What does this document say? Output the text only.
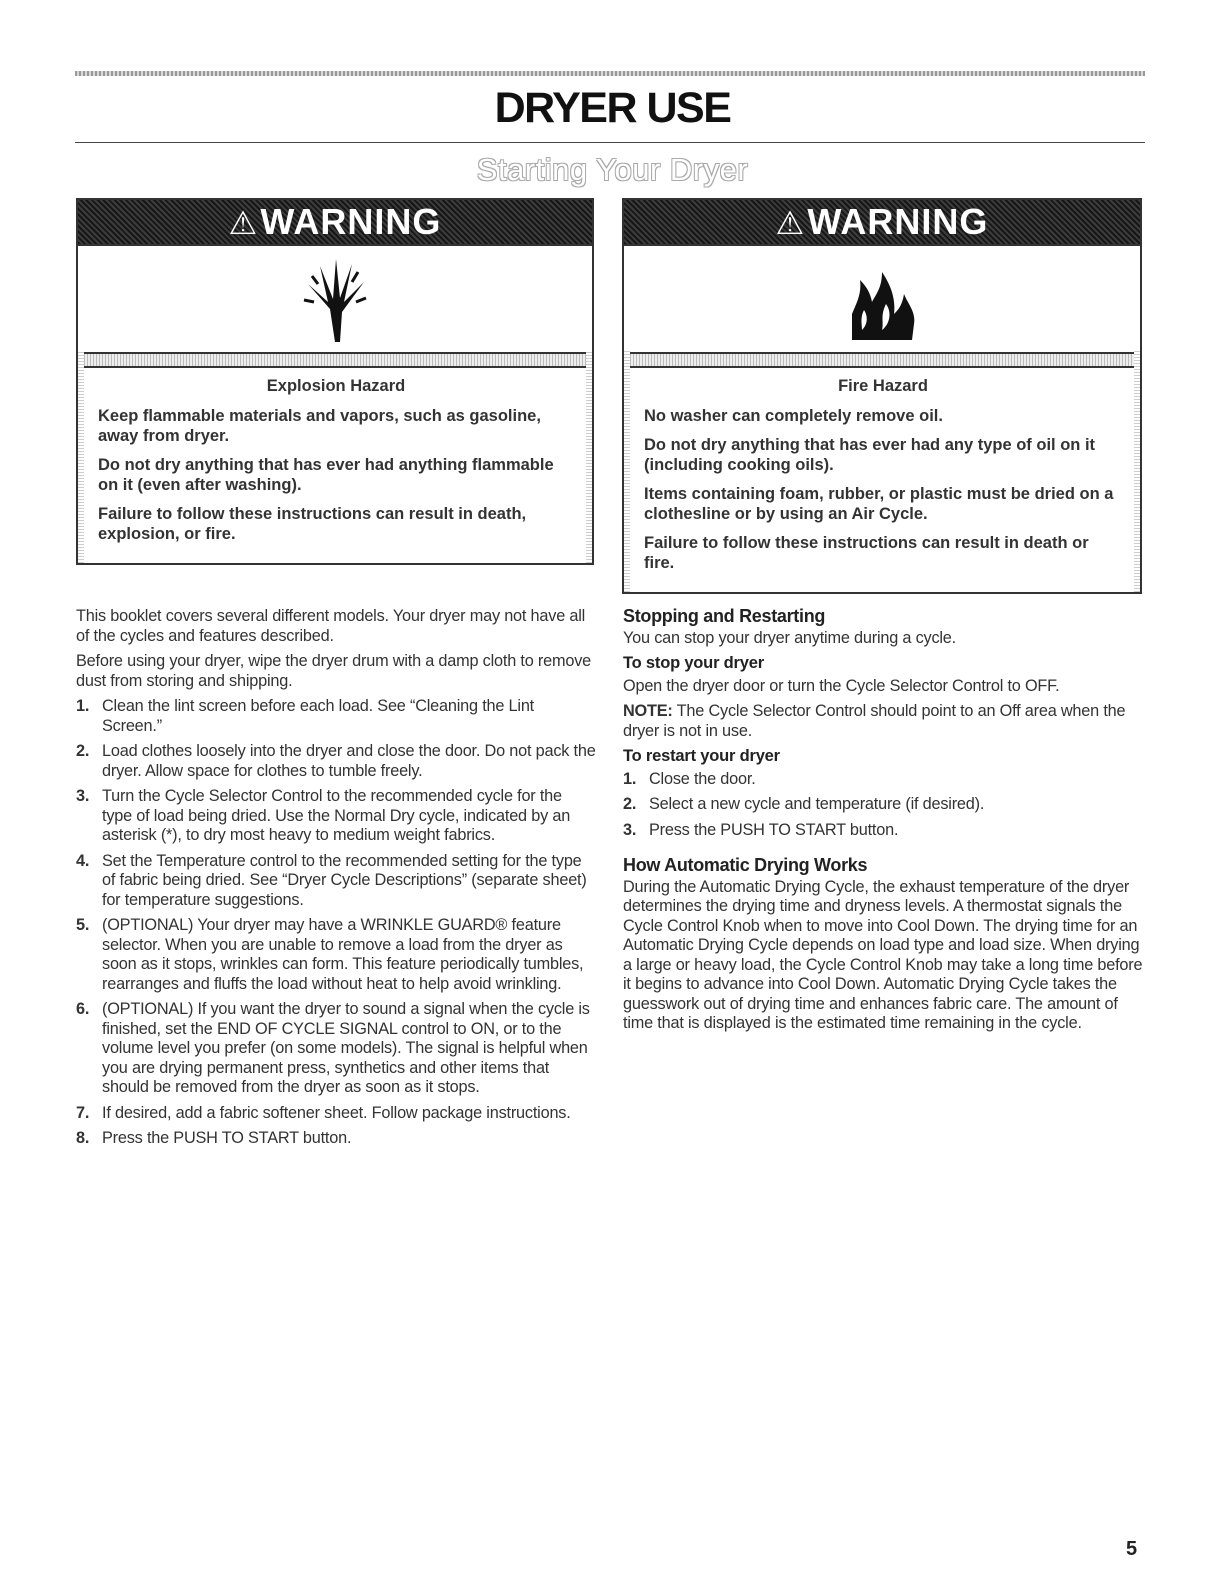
DRYER USE
Starting Your Dryer
⚠WARNING

Explosion Hazard

Keep flammable materials and vapors, such as gasoline, away from dryer.

Do not dry anything that has ever had anything flammable on it (even after washing).

Failure to follow these instructions can result in death, explosion, or fire.

⚠WARNING

Fire Hazard

No washer can completely remove oil.

Do not dry anything that has ever had any type of oil on it (including cooking oils).

Items containing foam, rubber, or plastic must be dried on a clothesline or by using an Air Cycle.

Failure to follow these instructions can result in death or fire.

This booklet covers several different models. Your dryer may not have all of the cycles and features described.

Before using your dryer, wipe the dryer drum with a damp cloth to remove dust from storing and shipping.

1. Clean the lint screen before each load. See “Cleaning the Lint Screen.”
2. Load clothes loosely into the dryer and close the door. Do not pack the dryer. Allow space for clothes to tumble freely.
3. Turn the Cycle Selector Control to the recommended cycle for the type of load being dried. Use the Normal Dry cycle, indicated by an asterisk (*), to dry most heavy to medium weight fabrics.
4. Set the Temperature control to the recommended setting for the type of fabric being dried. See “Dryer Cycle Descriptions” (separate sheet) for temperature suggestions.
5. (OPTIONAL) Your dryer may have a WRINKLE GUARD® feature selector. When you are unable to remove a load from the dryer as soon as it stops, wrinkles can form. This feature periodically tumbles, rearranges and fluffs the load without heat to help avoid wrinkling.
6. (OPTIONAL) If you want the dryer to sound a signal when the cycle is finished, set the END OF CYCLE SIGNAL control to ON, or to the volume level you prefer (on some models). The signal is helpful when you are drying permanent press, synthetics and other items that should be removed from the dryer as soon as it stops.
7. If desired, add a fabric softener sheet. Follow package instructions.
8. Press the PUSH TO START button.
Stopping and Restarting

You can stop your dryer anytime during a cycle.

To stop your dryer

Open the dryer door or turn the Cycle Selector Control to OFF.

NOTE: The Cycle Selector Control should point to an Off area when the dryer is not in use.

To restart your dryer
1. Close the door.
2. Select a new cycle and temperature (if desired).
3. Press the PUSH TO START button.
How Automatic Drying Works

During the Automatic Drying Cycle, the exhaust temperature of the dryer determines the drying time and dryness levels. A thermostat signals the Cycle Control Knob when to move into Cool Down. The drying time for an Automatic Drying Cycle depends on load type and load size. When drying a large or heavy load, the Cycle Control Knob may take a long time before it begins to advance into Cool Down. Automatic Drying Cycle takes the guesswork out of drying time and enhances fabric care. The amount of time that is displayed is the estimated time remaining in the cycle.

5
